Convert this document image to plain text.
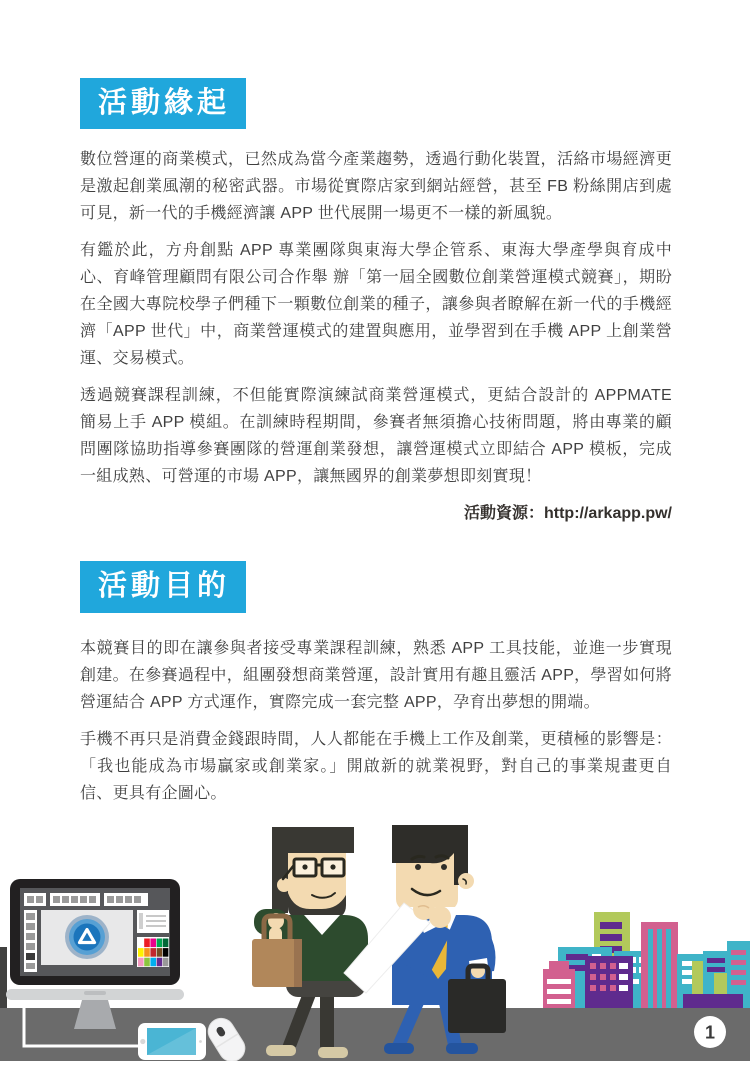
活動緣起

數位營運的商業模式，已然成為當今產業趨勢，透過行動化裝置，活絡市場經濟更是激起創業風潮的秘密武器。市場從實際店家到網站經營，甚至 FB 粉絲開店到處可見，新一代的手機經濟讓 APP 世代展開一場更不一樣的新風貌。

有鑑於此，方舟創點 APP 專業團隊與東海大學企管系、東海大學產學與育成中心、育峰管理顧問有限公司合作舉 辦「第一屆全國數位創業營運模式競賽」，期盼在全國大專院校學子們種下一顆數位創業的種子，讓參與者瞭解在新一代的手機經濟「APP 世代」中，商業營運模式的建置與應用，並學習到在手機 APP 上創業營運、交易模式。

透過競賽課程訓練，不但能實際演練試商業營運模式，更結合設計的 APPMATE 簡易上手 APP 模組。在訓練時程期間，參賽者無須擔心技術問題，將由專業的顧問團隊協助指導參賽團隊的營運創業發想，讓營運模式立即結合 APP 模板，完成一組成熟、可營運的市場 APP，讓無國界的創業夢想即刻實現！

活動資源：http://arkapp.pw/

活動目的

本競賽目的即在讓參與者接受專業課程訓練，熟悉 APP 工具技能，並進一步實現創建。在參賽過程中，組團發想商業營運，設計實用有趣且靈活 APP，學習如何將營運結合 APP 方式運作，實際完成一套完整 APP，孕育出夢想的開端。

手機不再只是消費金錢跟時間，人人都能在手機上工作及創業，更積極的影響是：「我也能成為市場贏家或創業家。」開啟新的就業視野，對自己的事業規畫更自信、更具有企圖心。

1
